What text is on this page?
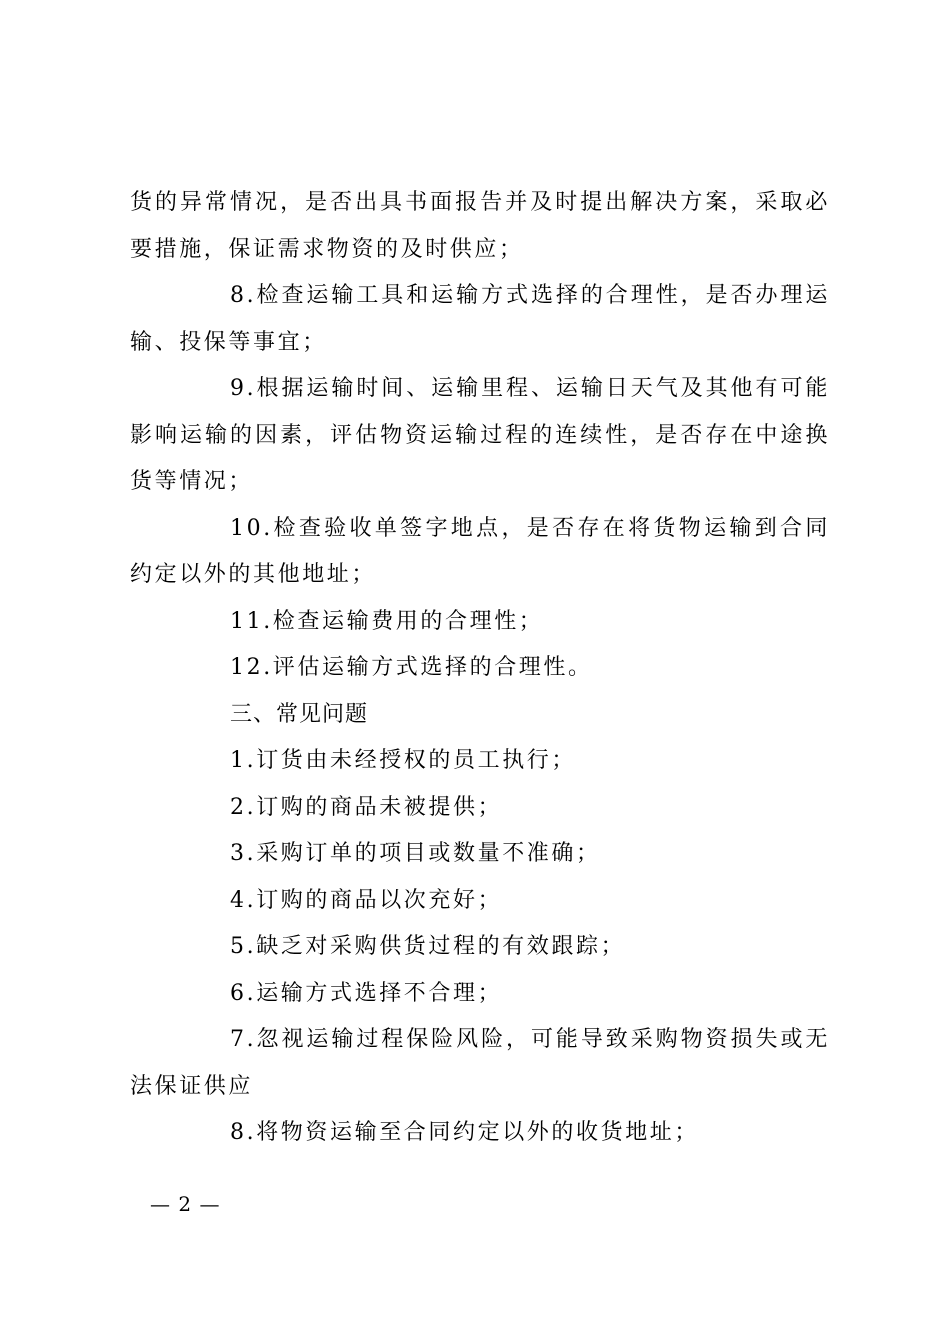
货的异常情况，是否出具书面报告并及时提出解决方案，采取必要措施，保证需求物资的及时供应；

8.检查运输工具和运输方式选择的合理性，是否办理运输、投保等事宜；

9.根据运输时间、运输里程、运输日天气及其他有可能影响运输的因素，评估物资运输过程的连续性，是否存在中途换货等情况；

10.检查验收单签字地点，是否存在将货物运输到合同约定以外的其他地址；

11.检查运输费用的合理性；

12.评估运输方式选择的合理性。

三、常见问题

1.订货由未经授权的员工执行；

2.订购的商品未被提供；

3.采购订单的项目或数量不准确；

4.订购的商品以次充好；

5.缺乏对采购供货过程的有效跟踪；

6.运输方式选择不合理；

7.忽视运输过程保险风险，可能导致采购物资损失或无法保证供应

8.将物资运输至合同约定以外的收货地址；

— 2 —
